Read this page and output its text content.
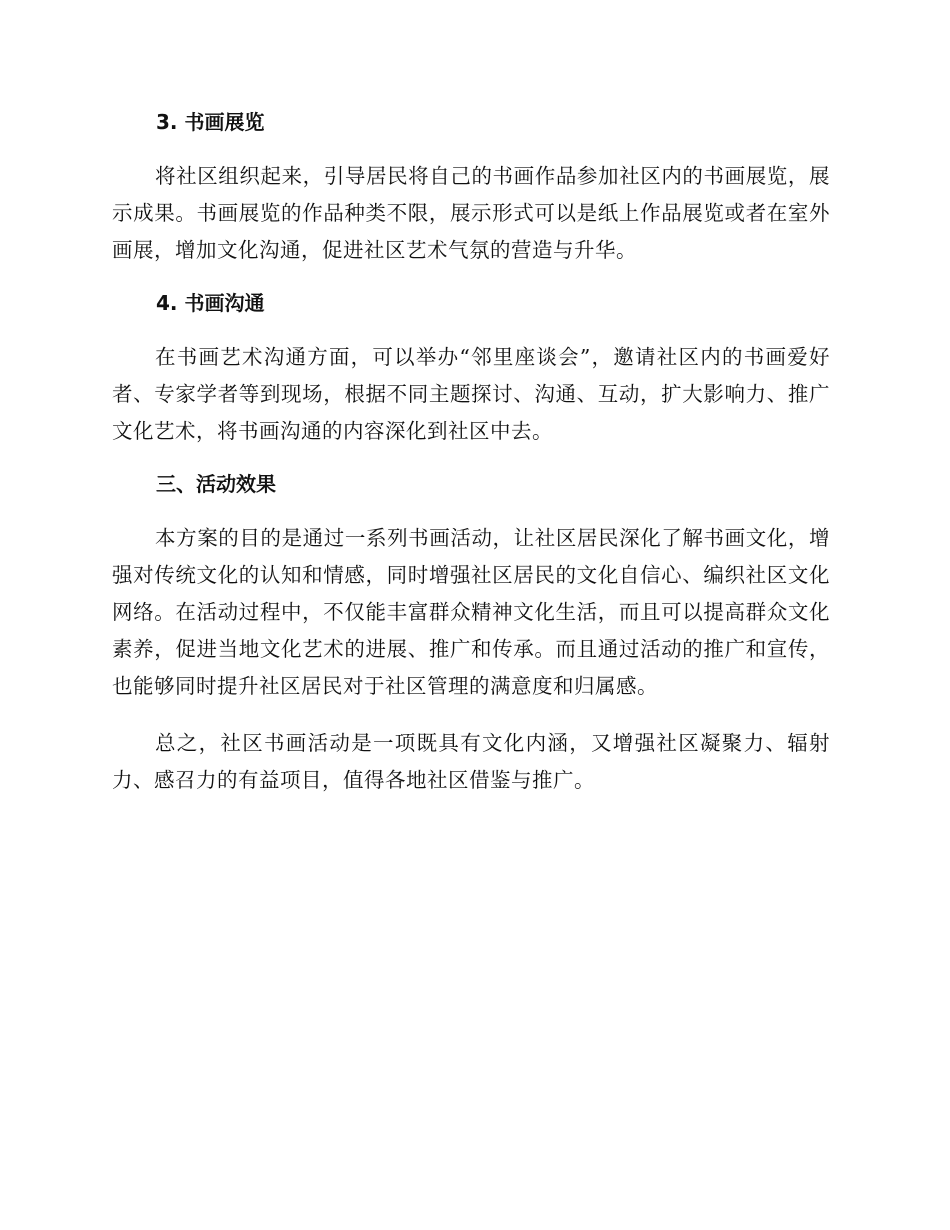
3. 书画展览

将社区组织起来，引导居民将自己的书画作品参加社区内的书画展览，展示成果。书画展览的作品种类不限，展示形式可以是纸上作品展览或者在室外画展，增加文化沟通，促进社区艺术气氛的营造与升华。

4. 书画沟通

在书画艺术沟通方面，可以举办“邻里座谈会”，邀请社区内的书画爱好者、专家学者等到现场，根据不同主题探讨、沟通、互动，扩大影响力、推广文化艺术，将书画沟通的内容深化到社区中去。

三、活动效果

本方案的目的是通过一系列书画活动，让社区居民深化了解书画文化，增强对传统文化的认知和情感，同时增强社区居民的文化自信心、编织社区文化网络。在活动过程中，不仅能丰富群众精神文化生活，而且可以提高群众文化素养，促进当地文化艺术的进展、推广和传承。而且通过活动的推广和宣传，也能够同时提升社区居民对于社区管理的满意度和归属感。

总之，社区书画活动是一项既具有文化内涵，又增强社区凝聚力、辐射力、感召力的有益项目，值得各地社区借鉴与推广。
